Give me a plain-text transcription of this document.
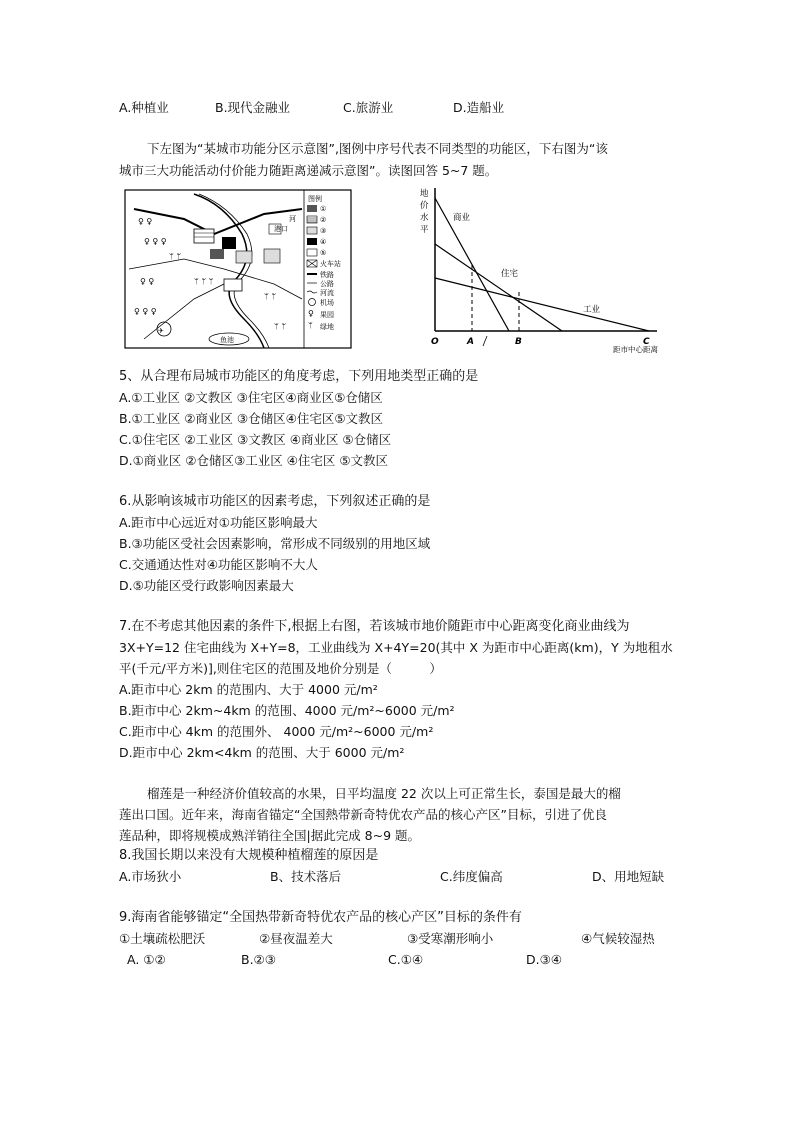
A.种植业	B.现代金融业	C.旅游业	D.造船业
下左图为“某城市功能分区示意图”,图例中序号代表不同类型的功能区，下右图为“该
城市三大功能活动付价能力随距离递减示意图”。读图回答 5~7 题。
图例
♀
ᛘ
①
②
③
④
⑤
火车站
铁路
公路
河流
机场
果园
绿地
✈
鱼池
河
港口
♀ ♀
♀ ♀ ♀
♀ ♀
♀ ♀ ♀
ᛘ ᛘ
ᛘ ᛘ ᛘ
ᛘ ᛘ
ᛘ ᛘ
地
价
水
平
O	A	B	C
商业
住宅
工业
距市中心距离
5、从合理布局城市功能区的角度考虑，下列用地类型正确的是
A.①工业区 ②文教区 ③住宅区④商业区⑤仓储区
B.①工业区 ②商业区 ③仓储区④住宅区⑤文教区
C.①住宅区 ②工业区 ③文教区 ④商业区 ⑤仓储区
D.①商业区 ②仓储区③工业区 ④住宅区 ⑤文教区
6.从影响该城市功能区的因素考虑，下列叙述正确的是
A.距市中心远近对①功能区影响最大
B.③功能区受社会因素影响，常形成不同级别的用地区域
C.交通通达性对④功能区影响不大人
D.⑤功能区受行政影响因素最大
7.在不考虑其他因素的条件下,根据上右图，若该城市地价随距市中心距离变化商业曲线为
3X+Y=12 住宅曲线为 X+Y=8，工业曲线为 X+4Y=20(其中 X 为距市中心距离(km)，Y 为地租水
平(千元/平方米)],则住宅区的范围及地价分别是（　　　）
A.距市中心 2km 的范围内、大于 4000 元/m²
B.距市中心 2km~4km 的范围、4000 元/m²~6000 元/m²
C.距市中心 4km 的范围外、 4000 元/m²~6000 元/m²
D.距市中心 2km<4km 的范围、大于 6000 元/m²
榴莲是一种经济价值较高的水果，日平均温度 22 次以上可正常生长，泰国是最大的榴
莲出口国。近年来，海南省锚定“全国熱带新奇特优农产品的核心产区”目标，引进了优良
莲品种，即将规模成熟洋销往全国|据此完成 8~9 题。
8.我国长期以来没有大规模种植榴莲的原因是
A.市场狄小	B、技术落后	C.纬度偏高	D、用地短缺
9.海南省能够锚定“全国热带新奇特优农产品的核心产区”目标的条件有
①土壤疏松肥沃	②昼夜温差大	③受寒潮形响小	④气候较湿热
A. ①②	B.②③	C.①④	D.③④
